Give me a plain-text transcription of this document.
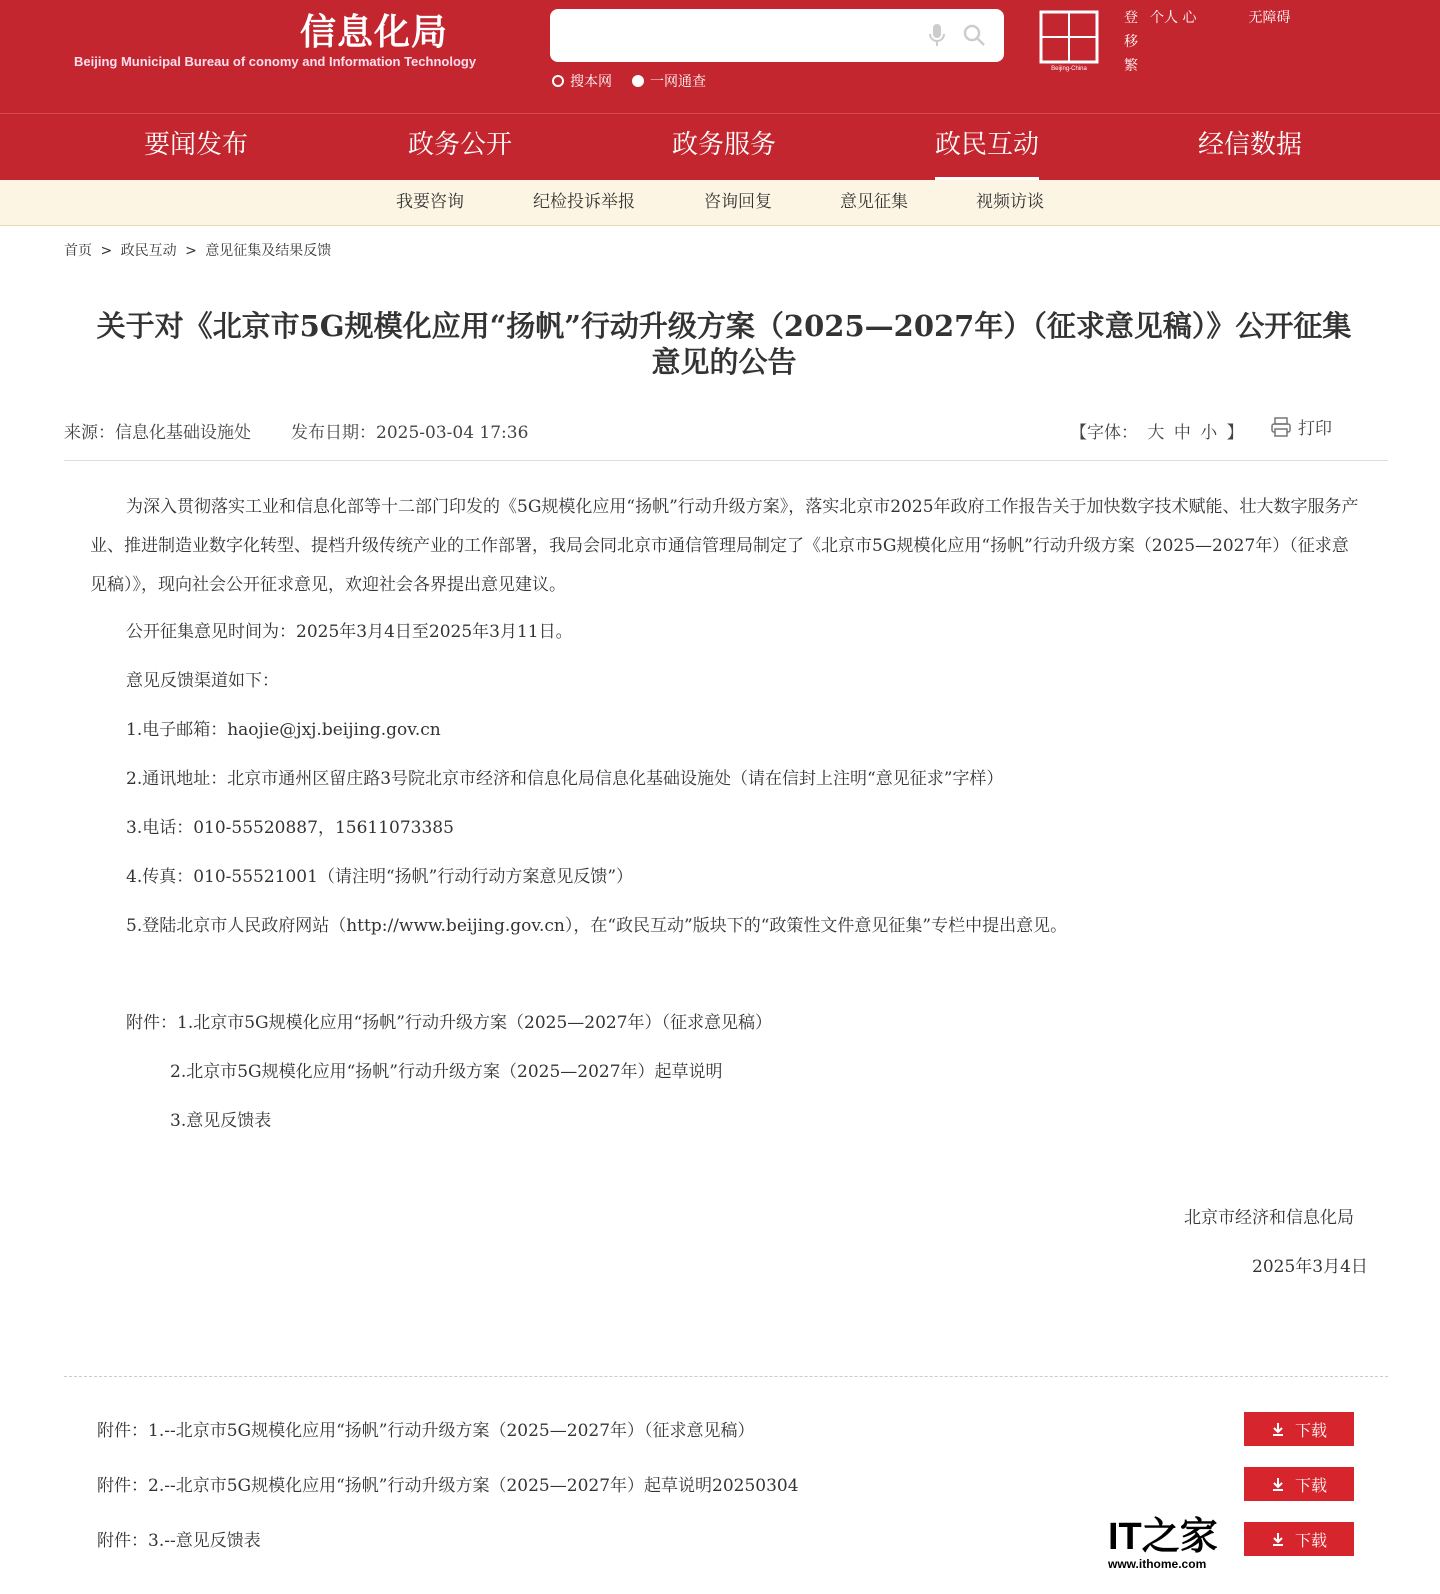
信息化局
Beijing Municipal Bureau of conomy and Information Technology
搜本网	一网通查
Beijing-China
登 个人 心	无障碍
移
繁
要闻发布	政务公开	政务服务	政民互动	经信数据
我要咨询	纪检投诉举报	咨询回复	意见征集	视频访谈
首页 > 政民互动 > 意见征集及结果反馈
关于对《北京市5G规模化应用“扬帆”行动升级方案（2025—2027年）（征求意见稿）》公开征集
意见的公告
来源：信息化基础设施处 发布日期：2025-03-04 17:36	【字体： 大 中 小 】	打印
为深入贯彻落实工业和信息化部等十二部门印发的《5G规模化应用“扬帆”行动升级方案》，落实北京市2025年政府工作报告关于加快数字技术赋能、壮大数字服务产业、推进制造业数字化转型、提档升级传统产业的工作部署，我局会同北京市通信管理局制定了《北京市5G规模化应用“扬帆”行动升级方案（2025—2027年）（征求意见稿）》，现向社会公开征求意见，欢迎社会各界提出意见建议。
公开征集意见时间为：2025年3月4日至2025年3月11日。
意见反馈渠道如下：
1.电子邮箱：haojie@jxj.beijing.gov.cn
2.通讯地址：北京市通州区留庄路3号院北京市经济和信息化局信息化基础设施处（请在信封上注明“意见征求”字样）
3.电话：010-55520887，15611073385
4.传真：010-55521001（请注明“扬帆”行动行动方案意见反馈”）
5.登陆北京市人民政府网站（http://www.beijing.gov.cn），在“政民互动”版块下的“政策性文件意见征集”专栏中提出意见。
附件：1.北京市5G规模化应用“扬帆”行动升级方案（2025—2027年）（征求意见稿）
2.北京市5G规模化应用“扬帆”行动升级方案（2025—2027年）起草说明
3.意见反馈表
北京市经济和信息化局
2025年3月4日
附件：1.--北京市5G规模化应用“扬帆”行动升级方案（2025—2027年）（征求意见稿）	下载
附件：2.--北京市5G规模化应用“扬帆”行动升级方案（2025—2027年）起草说明20250304	下载
附件：3.--意见反馈表	下载
IT之家
www.ithome.com
